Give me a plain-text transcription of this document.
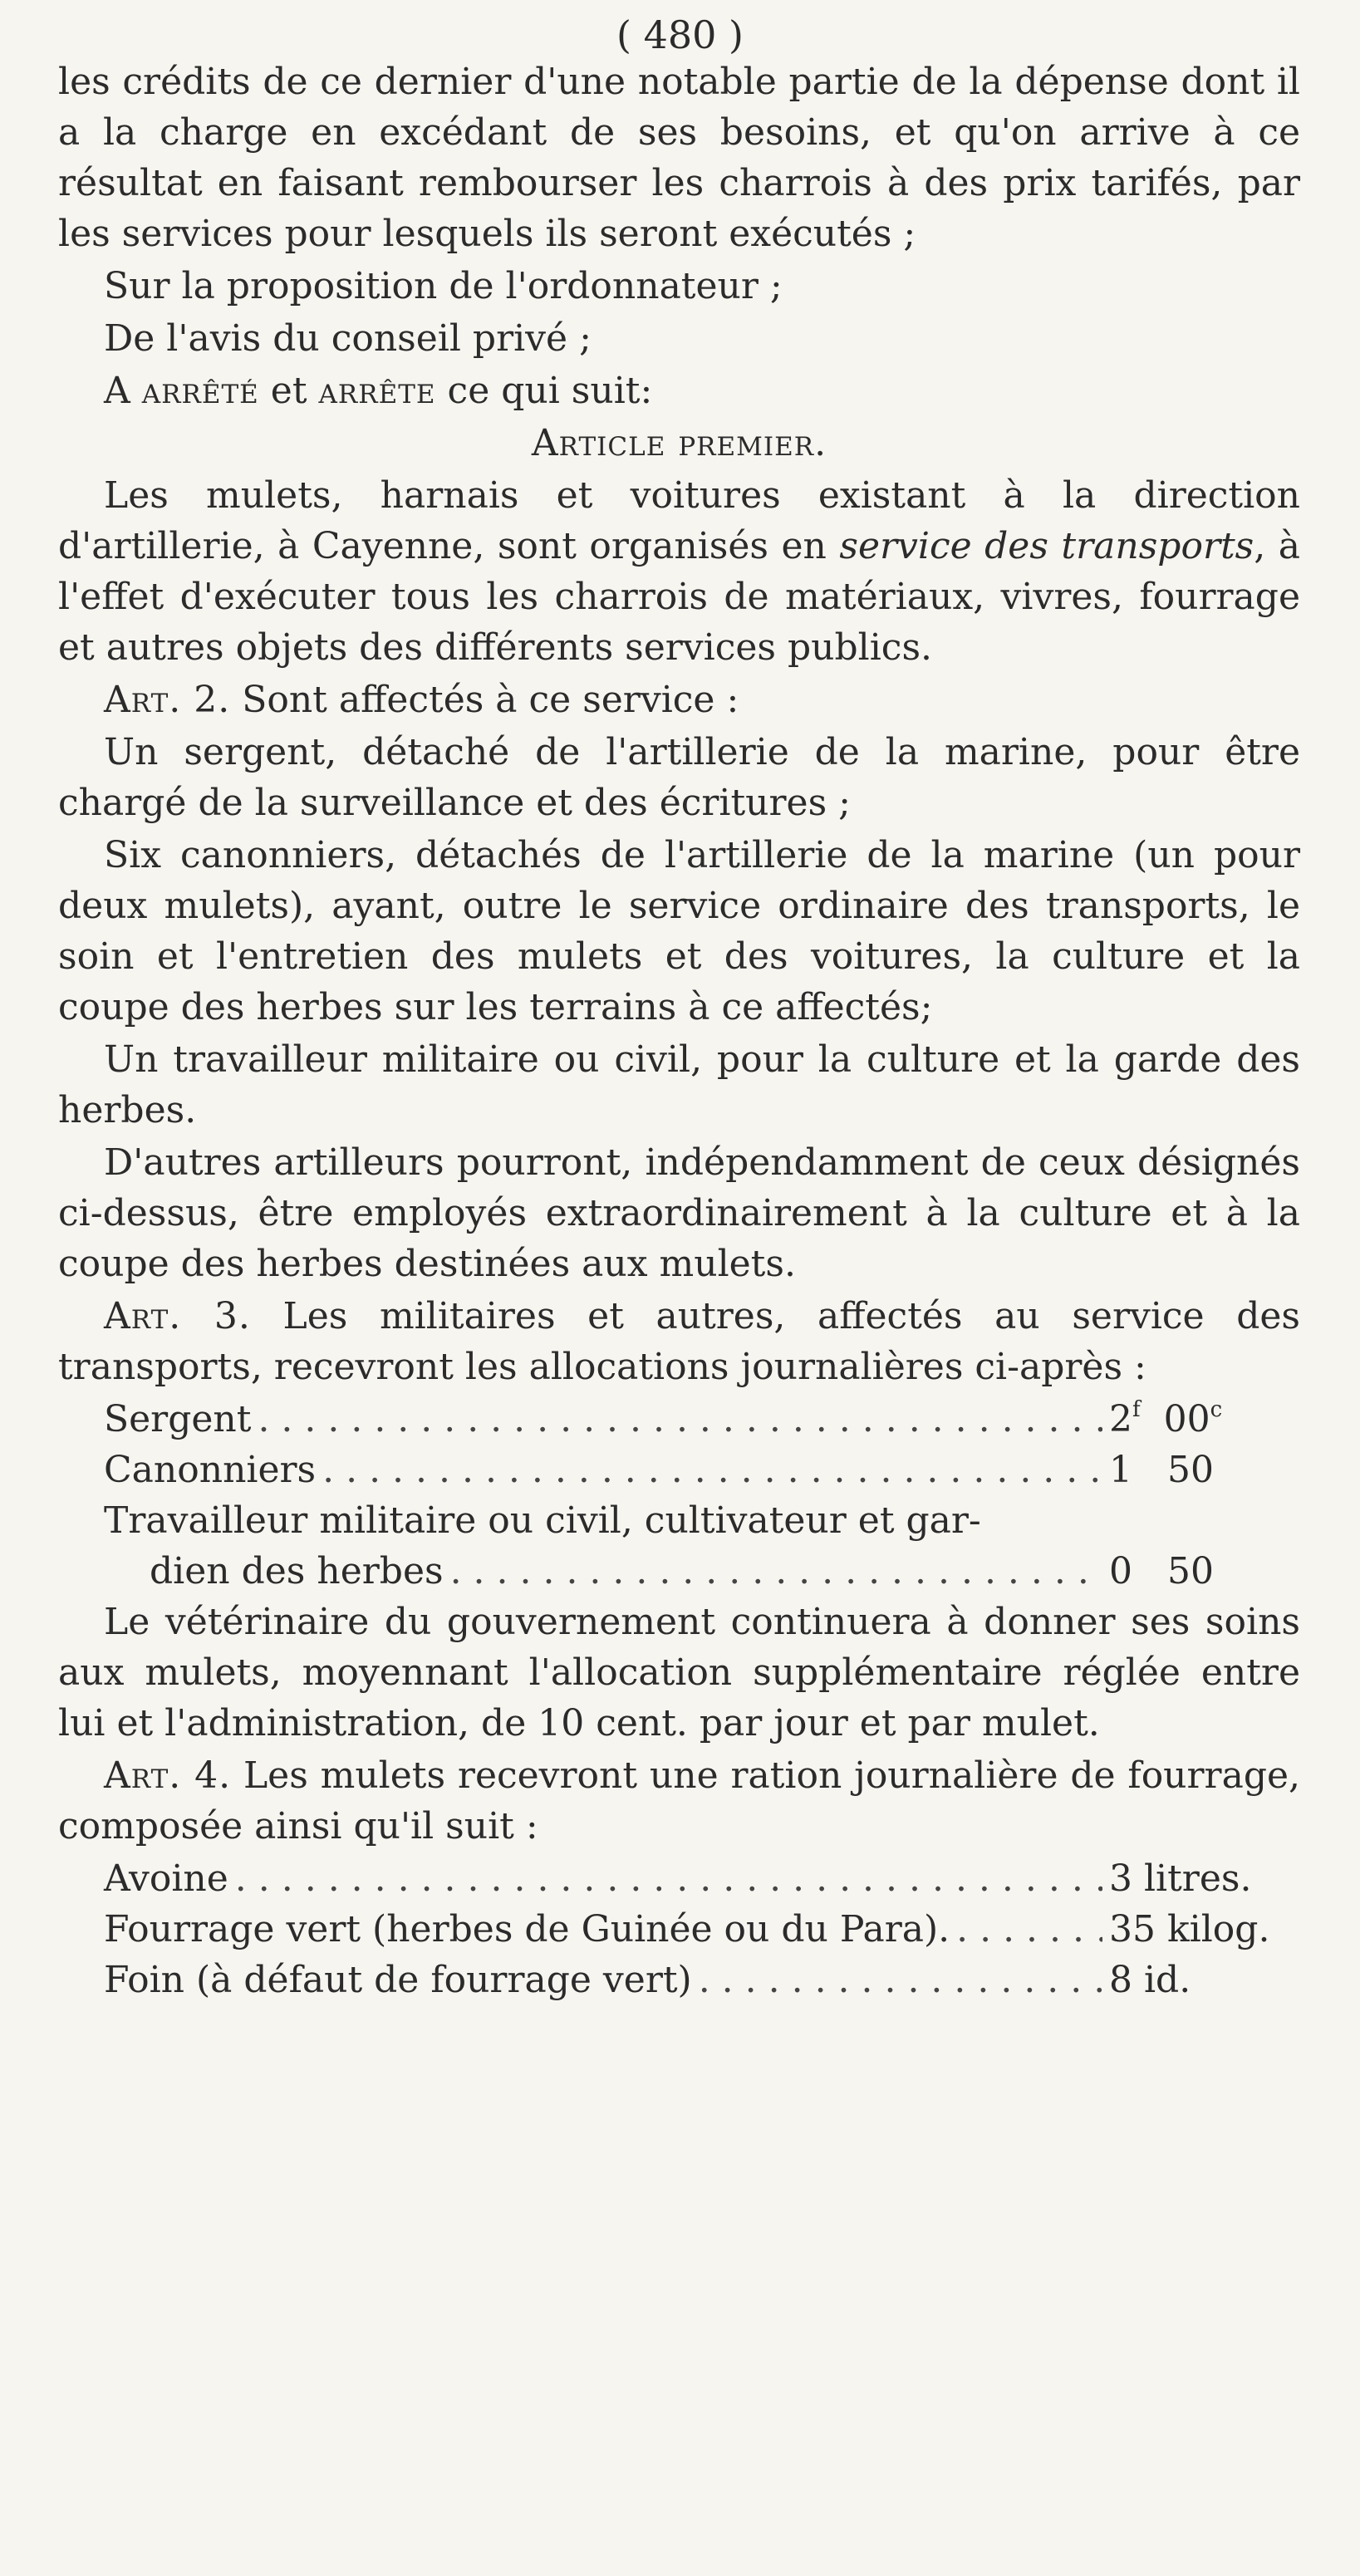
( 480 )

les crédits de ce dernier d'une notable partie de la dépense dont il a la charge en excédant de ses besoins, et qu'on arrive à ce résultat en faisant rembourser les charrois à des prix tarifés, par les services pour lesquels ils seront exécutés ;

Sur la proposition de l'ordonnateur ;

De l'avis du conseil privé ;

A arrêté et arrête ce qui suit:

Article premier.

Les mulets, harnais et voitures existant à la direction d'artillerie, à Cayenne, sont organisés en service des transports, à l'effet d'exécuter tous les charrois de matériaux, vivres, fourrage et autres objets des différents services publics.

Art. 2. Sont affectés à ce service :

Un sergent, détaché de l'artillerie de la marine, pour être chargé de la surveillance et des écritures ;

Six canonniers, détachés de l'artillerie de la marine (un pour deux mulets), ayant, outre le service ordinaire des transports, le soin et l'entretien des mulets et des voitures, la culture et la coupe des herbes sur les terrains à ce affectés;

Un travailleur militaire ou civil, pour la culture et la garde des herbes.

D'autres artilleurs pourront, indépendamment de ceux désignés ci-dessus, être employés extraordinairement à la culture et à la coupe des herbes destinées aux mulets.

Art. 3. Les militaires et autres, affectés au service des transports, recevront les allocations journalières ci-après :

Sergent . . .	2$^f$ 00$^c$
Canonniers . . .	1 50
Travailleur militaire ou civil, cultivateur et gar-
dien des herbes . . .	0 50

Le vétérinaire du gouvernement continuera à donner ses soins aux mulets, moyennant l'allocation supplémentaire réglée entre lui et l'administration, de 10 cent. par jour et par mulet.

Art. 4. Les mulets recevront une ration journalière de fourrage, composée ainsi qu'il suit :

Avoine . . .	3 litres.
Fourrage vert (herbes de Guinée ou du Para). . . .	35 kilog.
Foin (à défaut de fourrage vert) . . .	8 id.
